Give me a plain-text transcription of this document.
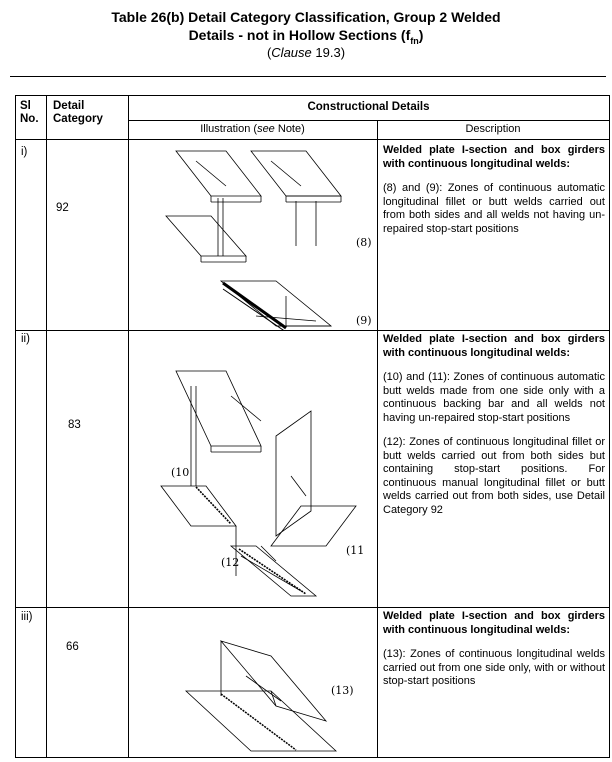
Table 26(b) Detail Category Classification, Group 2 Welded
Details - not in Hollow Sections $(f_{fn})$
(Clause 19.3)
Sl
No.
Detail
Category
Constructional Details
Illustration (see Note)	Description
i)
92
Welded plate I-section and box girders with continuous longitudinal welds:

(8) and (9): Zones of continuous automatic longitudinal fillet or butt welds carried out from both sides and all welds not having un-repaired stop-start positions

(8)
(9)
ii)
83
Welded plate I-section and box girders with continuous longitudinal welds:

(10) and (11): Zones of continuous automatic butt welds made from one side only with a continuous backing bar and all welds not having un-repaired stop-start positions

(12): Zones of continuous longitudinal fillet or butt welds carried out from both sides but containing stop-start positions. For continuous manual longitudinal fillet or butt welds carried out from both sides, use Detail Category 92

(10
(11
(12
iii)
66
Welded plate I-section and box girders with continuous longitudinal welds:

(13): Zones of continuous longitudinal welds carried out from one side only, with or without stop-start positions

(13)
